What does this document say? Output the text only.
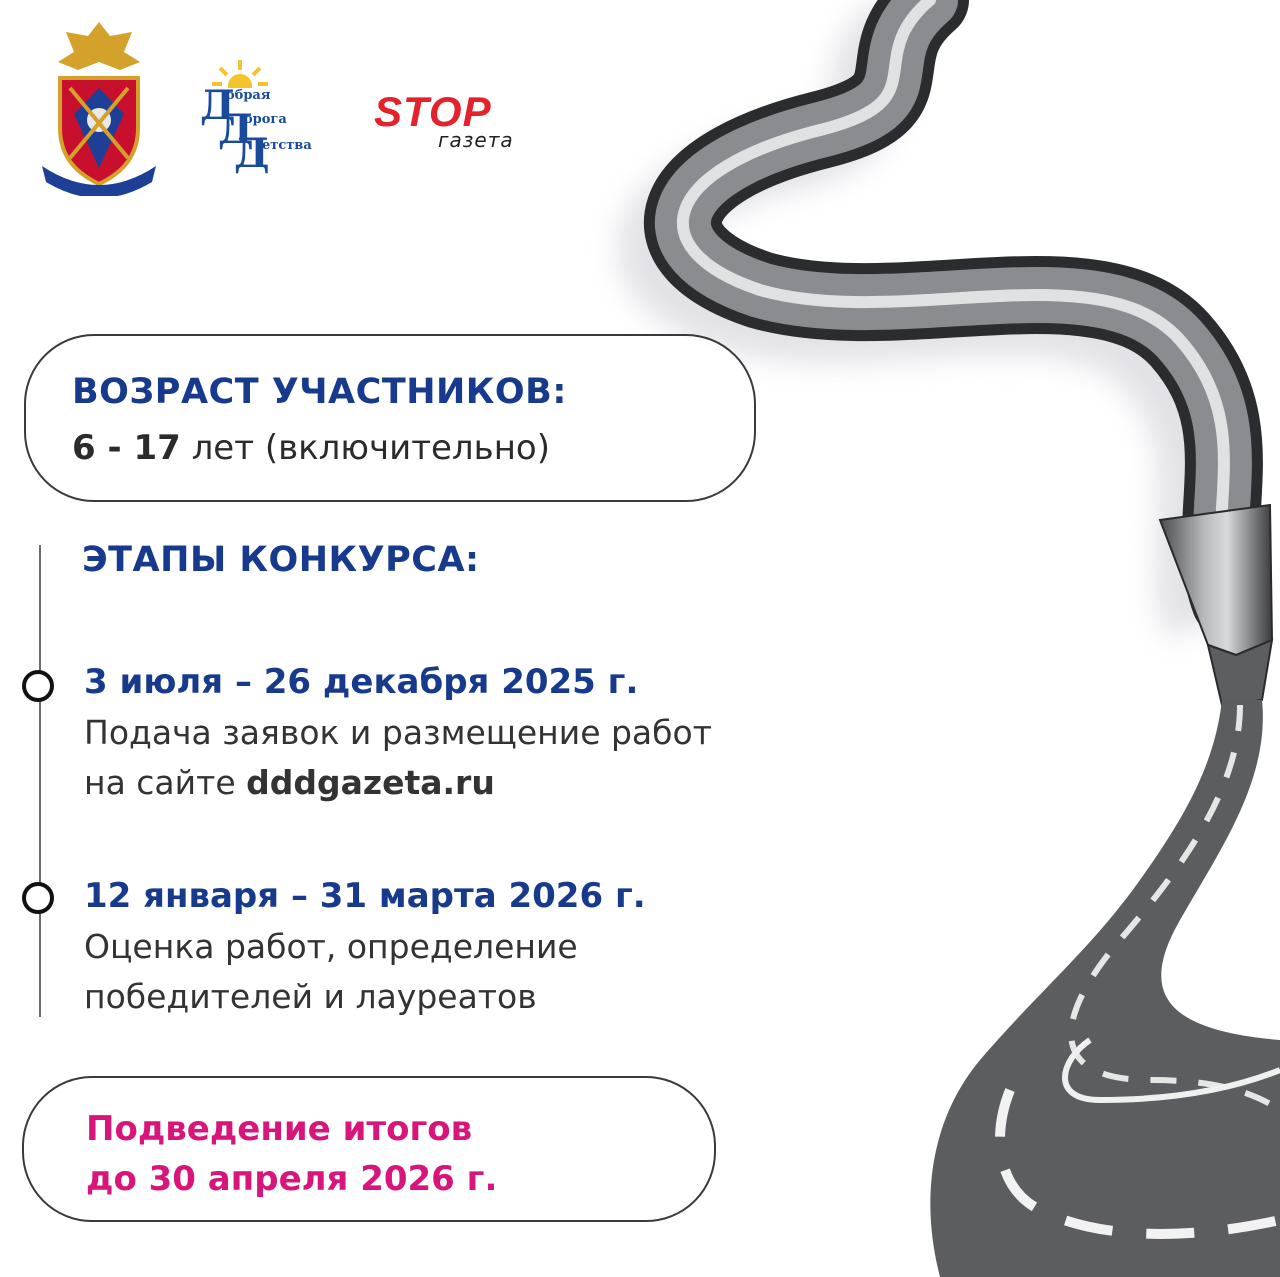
Д
обрая
Д
орога
Д
етства
STOP
газета
ВОЗРАСТ УЧАСТНИКОВ:
6 - 17 лет (включительно)
ЭТАПЫ КОНКУРСА:
3 июля – 26 декабря 2025 г.
Подача заявок и размещение работ
на сайте dddgazeta.ru
12 января – 31 марта 2026 г.
Оценка работ, определение
победителей и лауреатов
Подведение итогов
до 30 апреля 2026 г.
